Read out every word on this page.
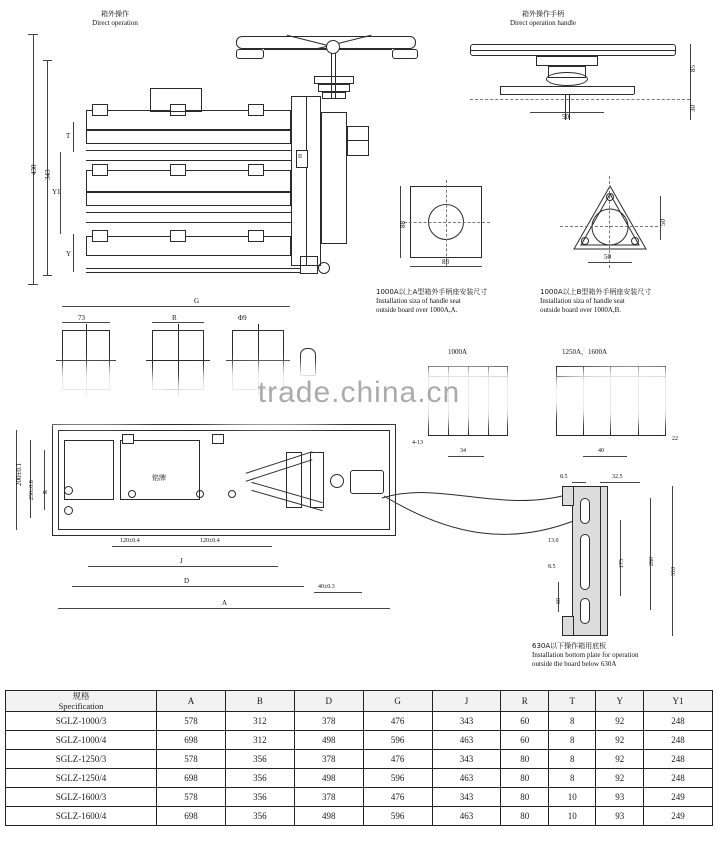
箱外操作
Direct operation
430 343
T
Y1
Y
II
箱外操作手柄
Direct operation handle
85
30
50
88
88
1000A以上A型箱外手柄座安装尺寸
Installation siza of handle seat
outside board over 1000A,A.
50
50
1000A以上B型箱外手柄座安装尺寸
Installation siza of handle seat
outside board over 1000A,B.
73	R	Φ9
G
铭牌
200±0.1
250±0.8 R
120±0.4	120±0.4
J
D
A
40±0.3
1000A
4-13
34
1250A、1600A
22
40
8.5	32.5
13.0
8.5	175	280
310
60
630A以下操作箱用底板
Installation bottom plate for operation
outside the board below 630A
trade.china.cn
规格
Specification	A	B	D	G	J	R	T	Y	Y1
SGLZ-1000/3	578	312	378	476	343	60	8	92	248
SGLZ-1000/4	698	312	498	596	463	60	8	92	248
SGLZ-1250/3	578	356	378	476	343	80	8	92	248
SGLZ-1250/4	698	356	498	596	463	80	8	92	248
SGLZ-1600/3	578	356	378	476	343	80	10	93	249
SGLZ-1600/4	698	356	498	596	463	80	10	93	249
